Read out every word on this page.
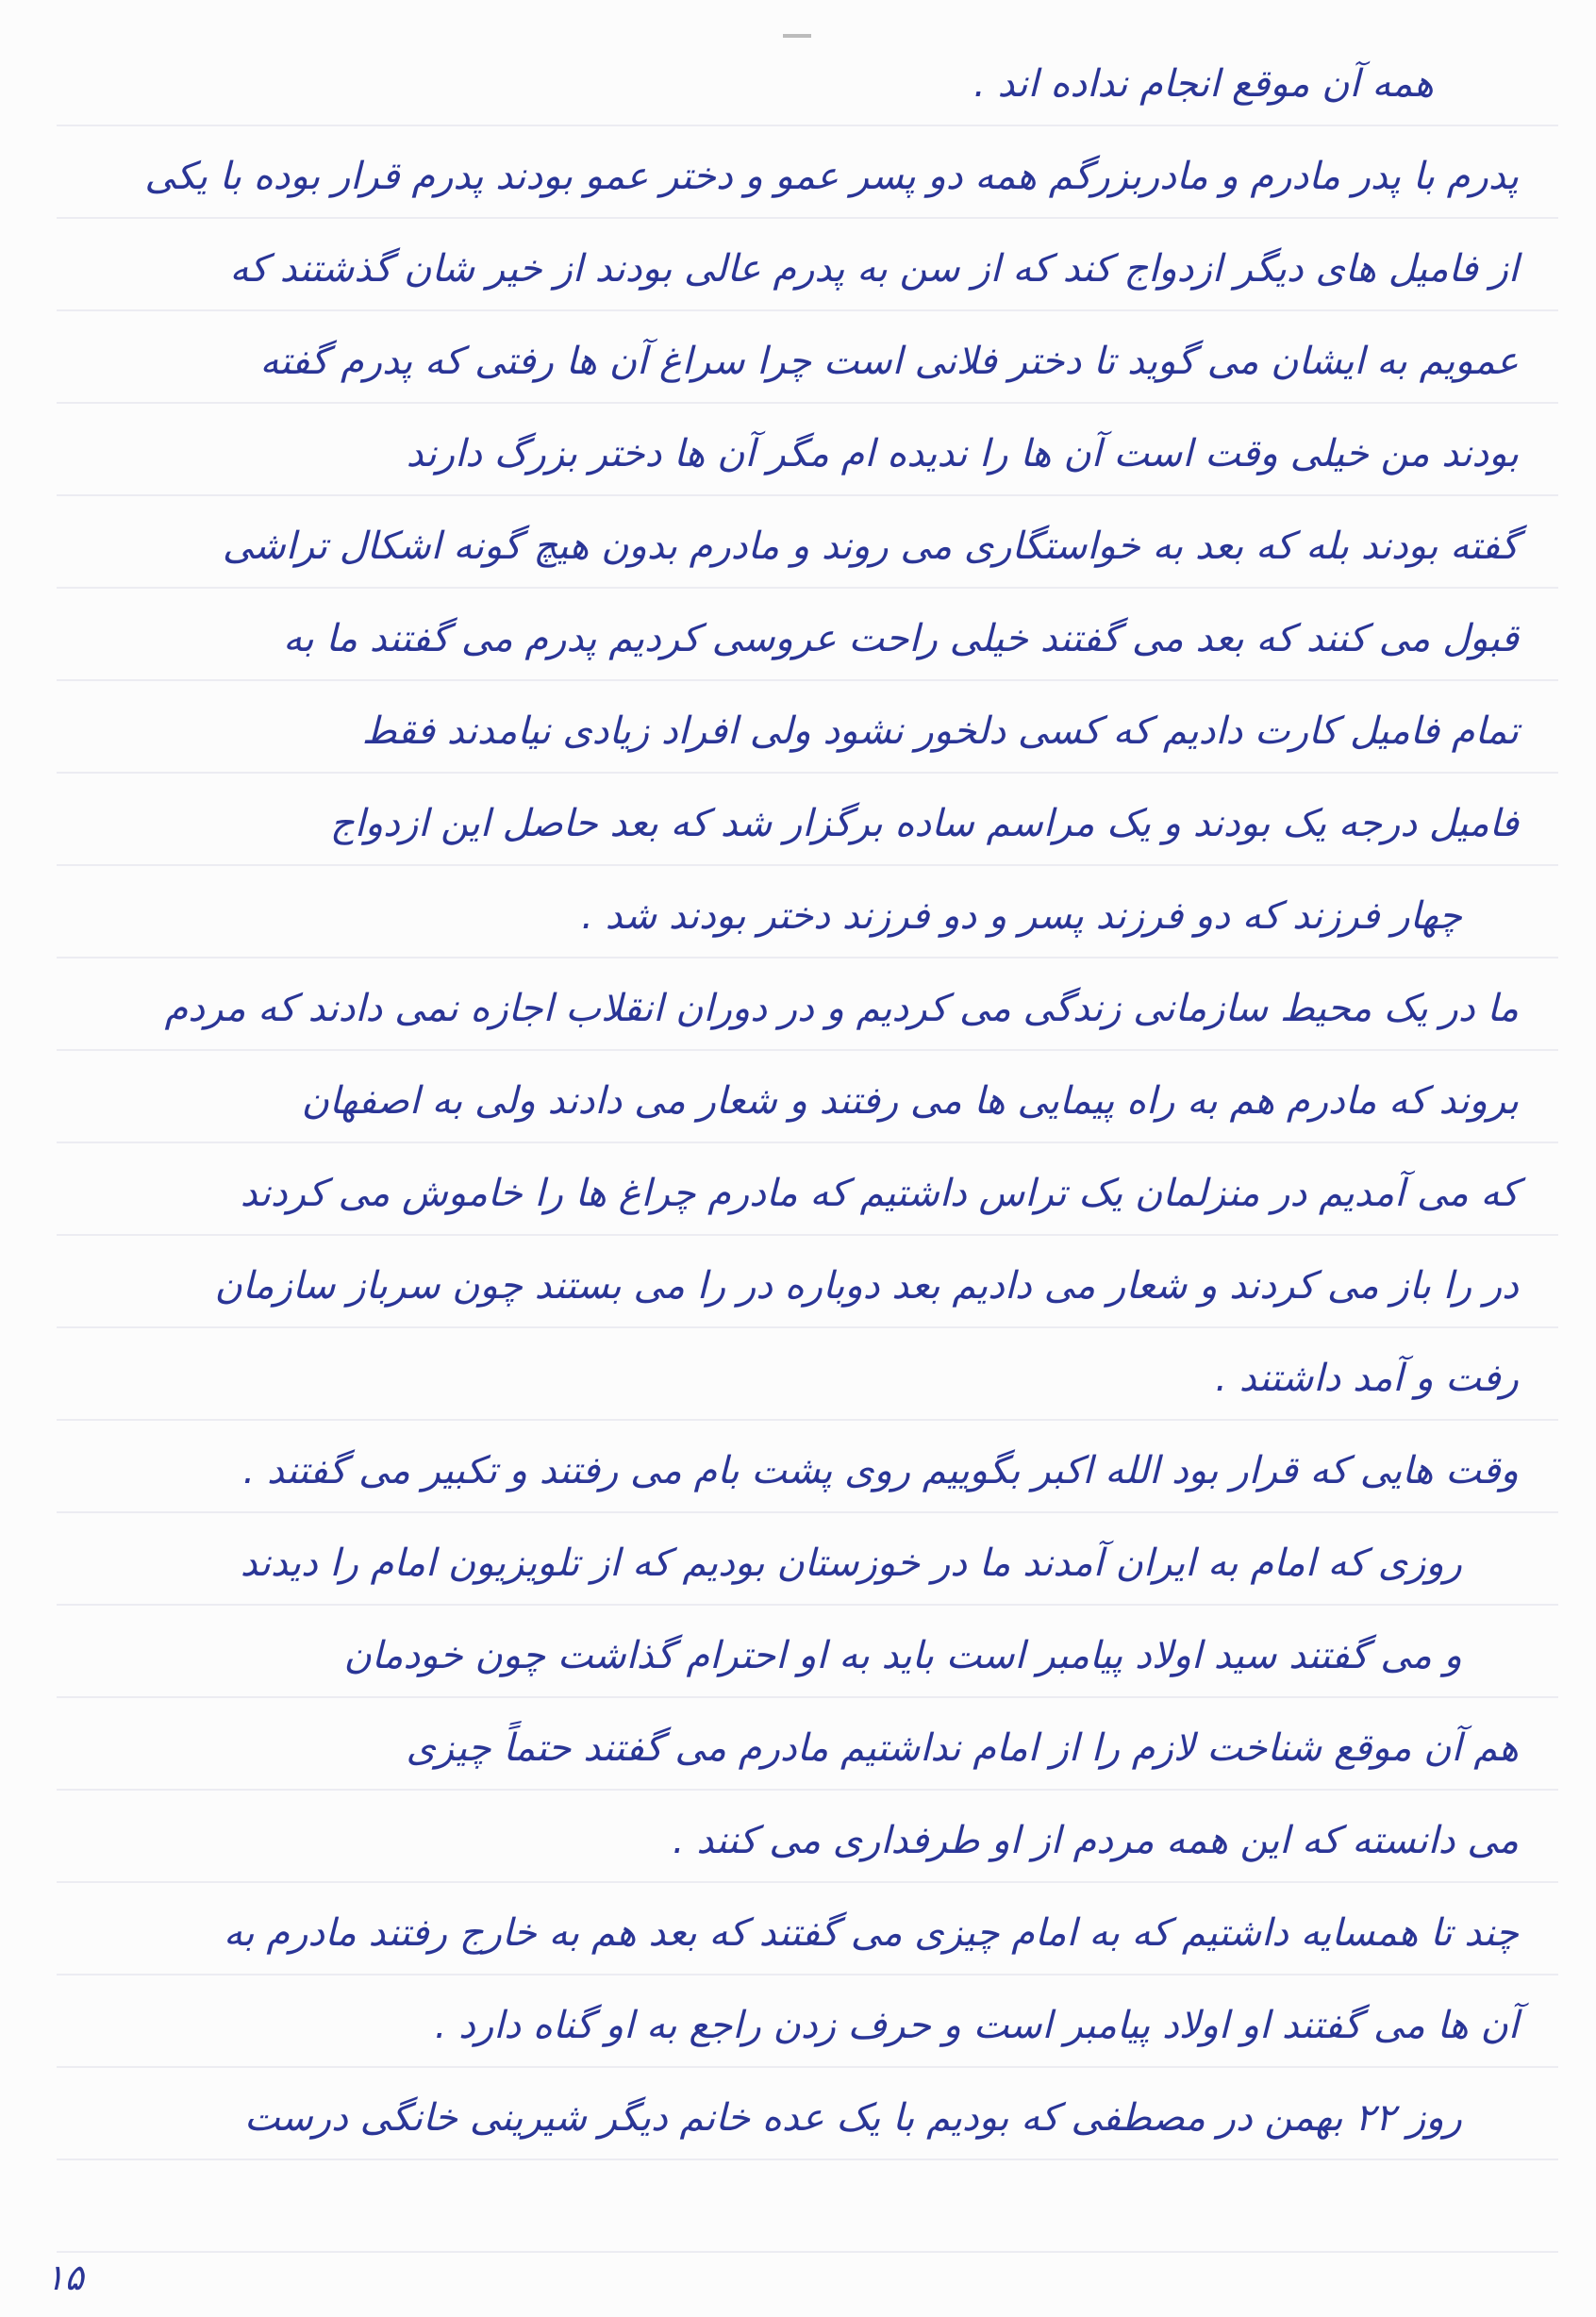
همه آن موقع انجام نداده اند .
پدرم با پدر مادرم و مادربزرگم همه دو پسر عمو و دختر عمو بودند پدرم قرار بوده با یکی
از فامیل های دیگر ازدواج کند که از سن به پدرم عالی بودند از خیر شان گذشتند که
عمویم به ایشان می گوید تا دختر فلانی است چرا سراغ آن ها رفتی که پدرم گفته
بودند من خیلی وقت است آن ها را ندیده ام مگر آن ها دختر بزرگ دارند
گفته بودند بله که بعد به خواستگاری می روند و مادرم بدون هیچ گونه اشکال تراشی
قبول می کنند که بعد می گفتند خیلی راحت عروسی کردیم پدرم می گفتند ما به
تمام فامیل کارت دادیم که کسی دلخور نشود ولی افراد زیادی نیامدند فقط
فامیل درجه یک بودند و یک مراسم ساده برگزار شد که بعد حاصل این ازدواج
چهار فرزند که دو فرزند پسر و دو فرزند دختر بودند شد .
ما در یک محیط سازمانی زندگی می کردیم و در دوران انقلاب اجازه نمی دادند که مردم
بروند که مادرم هم به راه پیمایی ها می رفتند و شعار می دادند ولی به اصفهان
که می آمدیم در منزلمان یک تراس داشتیم که مادرم چراغ ها را خاموش می کردند
در را باز می کردند و شعار می دادیم بعد دوباره در را می بستند چون سرباز سازمان
رفت و آمد داشتند .
وقت هایی که قرار بود الله اکبر بگوییم روی پشت بام می رفتند و تکبیر می گفتند .
روزی که امام به ایران آمدند ما در خوزستان بودیم که از تلویزیون امام را دیدند
و می گفتند سید اولاد پیامبر است باید به او احترام گذاشت چون خودمان
هم آن موقع شناخت لازم را از امام نداشتیم مادرم می گفتند حتماً چیزی
می دانسته که این همه مردم از او طرفداری می کنند .
چند تا همسایه داشتیم که به امام چیزی می گفتند که بعد هم به خارج رفتند مادرم به
آن ها می گفتند او اولاد پیامبر است و حرف زدن راجع به او گناه دارد .
روز ۲۲ بهمن در مصطفی که بودیم با یک عده خانم دیگر شیرینی خانگی درست
۱۵
